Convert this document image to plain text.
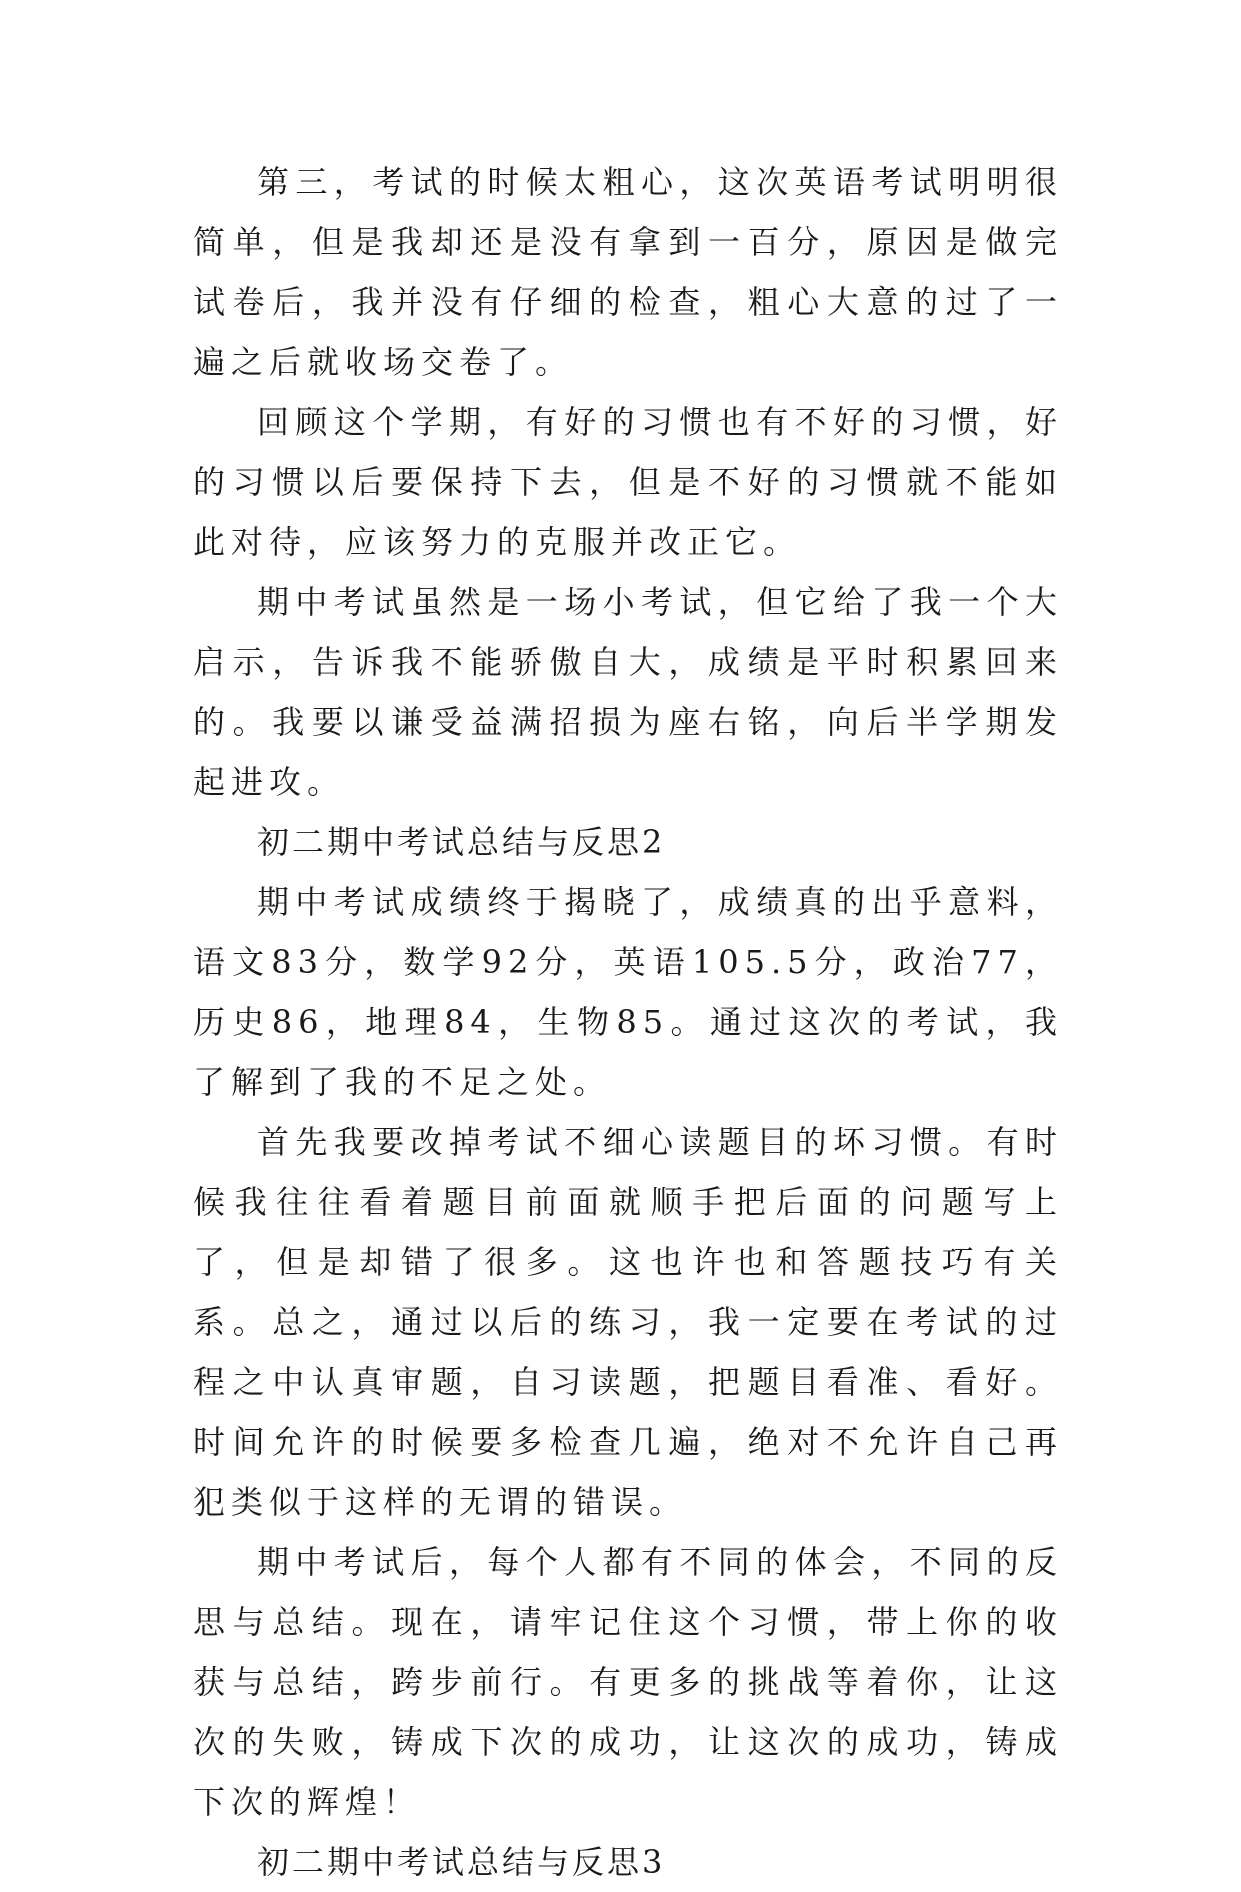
第三，考试的时候太粗心，这次英语考试明明很简单，但是我却还是没有拿到一百分，原因是做完试卷后，我并没有仔细的检查，粗心大意的过了一遍之后就收场交卷了。

回顾这个学期，有好的习惯也有不好的习惯，好的习惯以后要保持下去，但是不好的习惯就不能如此对待，应该努力的克服并改正它。

期中考试虽然是一场小考试，但它给了我一个大启示，告诉我不能骄傲自大，成绩是平时积累回来的。我要以谦受益满招损为座右铭，向后半学期发起进攻。

初二期中考试总结与反思2

期中考试成绩终于揭晓了，成绩真的出乎意料，语文83分，数学92分，英语105.5分，政治77，历史86，地理84，生物85。通过这次的考试，我了解到了我的不足之处。

首先我要改掉考试不细心读题目的坏习惯。有时候我往往看着题目前面就顺手把后面的问题写上了，但是却错了很多。这也许也和答题技巧有关系。总之，通过以后的练习，我一定要在考试的过程之中认真审题，自习读题，把题目看准、看好。时间允许的时候要多检查几遍，绝对不允许自己再犯类似于这样的无谓的错误。

期中考试后，每个人都有不同的体会，不同的反思与总结。现在，请牢记住这个习惯，带上你的收获与总结，跨步前行。有更多的挑战等着你，让这次的失败，铸成下次的成功，让这次的成功，铸成下次的辉煌！

初二期中考试总结与反思3
